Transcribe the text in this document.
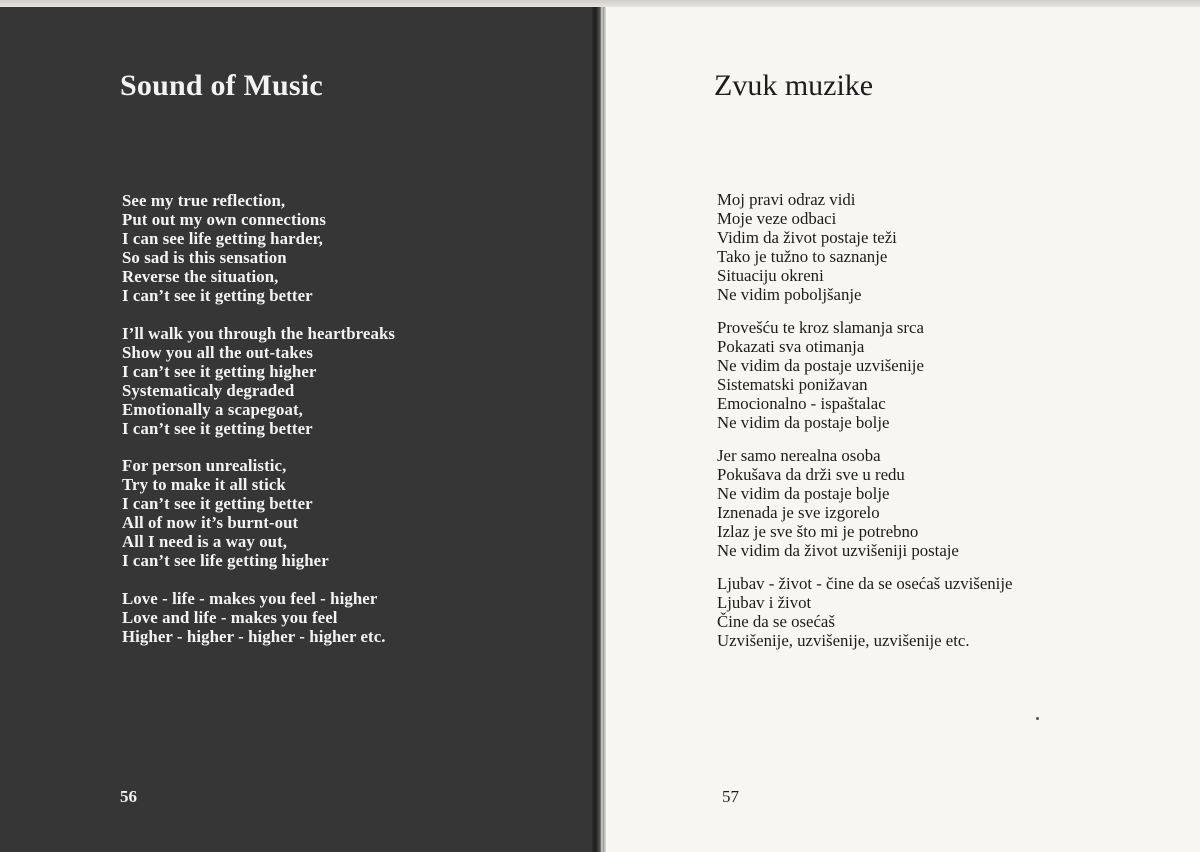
Sound of Music
See my true reflection,
Put out my own connections
I can see life getting harder,
So sad is this sensation
Reverse the situation,
I can’t see it getting better
I’ll walk you through the heartbreaks
Show you all the out-takes
I can’t see it getting higher
Systematicaly degraded
Emotionally a scapegoat,
I can’t see it getting better
For person unrealistic,
Try to make it all stick
I can’t see it getting better
All of now it’s burnt-out
All I need is a way out,
I can’t see life getting higher
Love - life - makes you feel - higher
Love and life - makes you feel
Higher - higher - higher - higher etc.

56

Zvuk muzike
Moj pravi odraz vidi
Moje veze odbaci
Vidim da život postaje teži
Tako je tužno to saznanje
Situaciju okreni
Ne vidim poboljšanje
Provešću te kroz slamanja srca
Pokazati sva otimanja
Ne vidim da postaje uzvišenije
Sistematski ponižavan
Emocionalno - ispaštalac
Ne vidim da postaje bolje
Jer samo nerealna osoba
Pokušava da drži sve u redu
Ne vidim da postaje bolje
Iznenada je sve izgorelo
Izlaz je sve što mi je potrebno
Ne vidim da život uzvišeniji postaje
Ljubav - život - čine da se osećaš uzvišenije
Ljubav i život
Čine da se osećaš
Uzvišenije, uzvišenije, uzvišenije etc.

57
